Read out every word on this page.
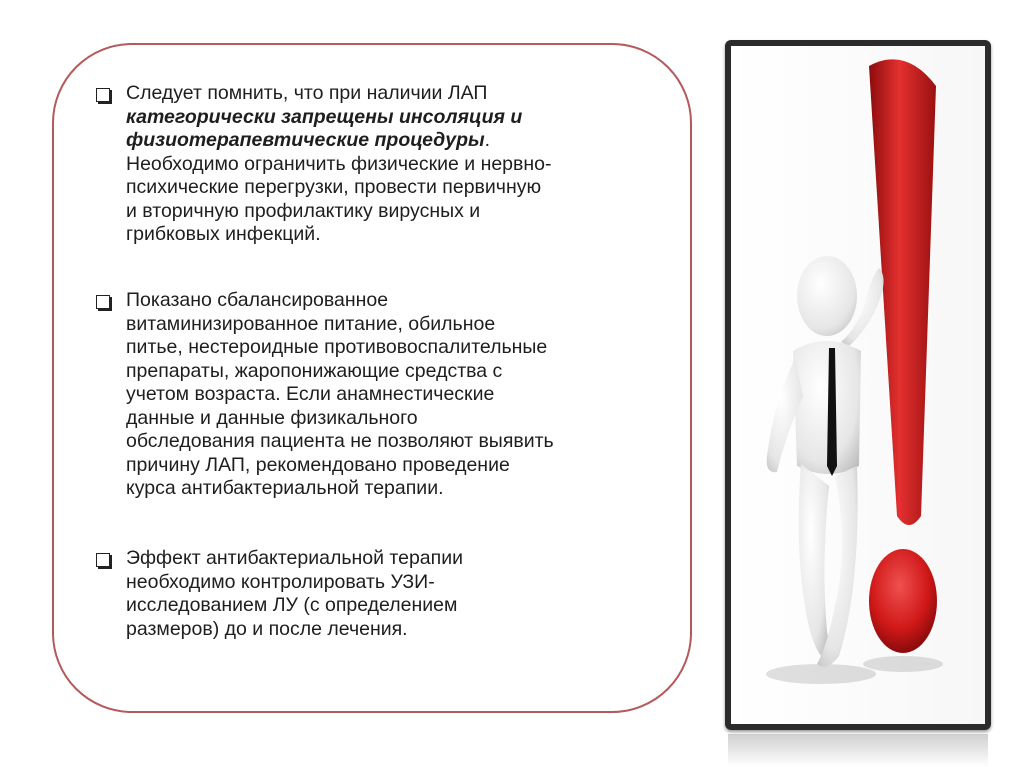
Следует помнить, что при наличии ЛАП
категорически запрещены инсоляция и
физиотерапевтические процедуры.
Необходимо ограничить физические и нервно-
психические перегрузки, провести первичную
и вторичную профилактику вирусных и
грибковых инфекций.
Показано сбалансированное
витаминизированное питание, обильное
питье, нестероидные противовоспалительные
препараты, жаропонижающие средства с
учетом возраста. Если анамнестические
данные и данные физикального
обследования пациента не позволяют выявить
причину ЛАП, рекомендовано проведение
курса антибактериальной терапии.
Эффект антибактериальной терапии
необходимо контролировать УЗИ-
исследованием ЛУ (с определением
размеров) до и после лечения.
